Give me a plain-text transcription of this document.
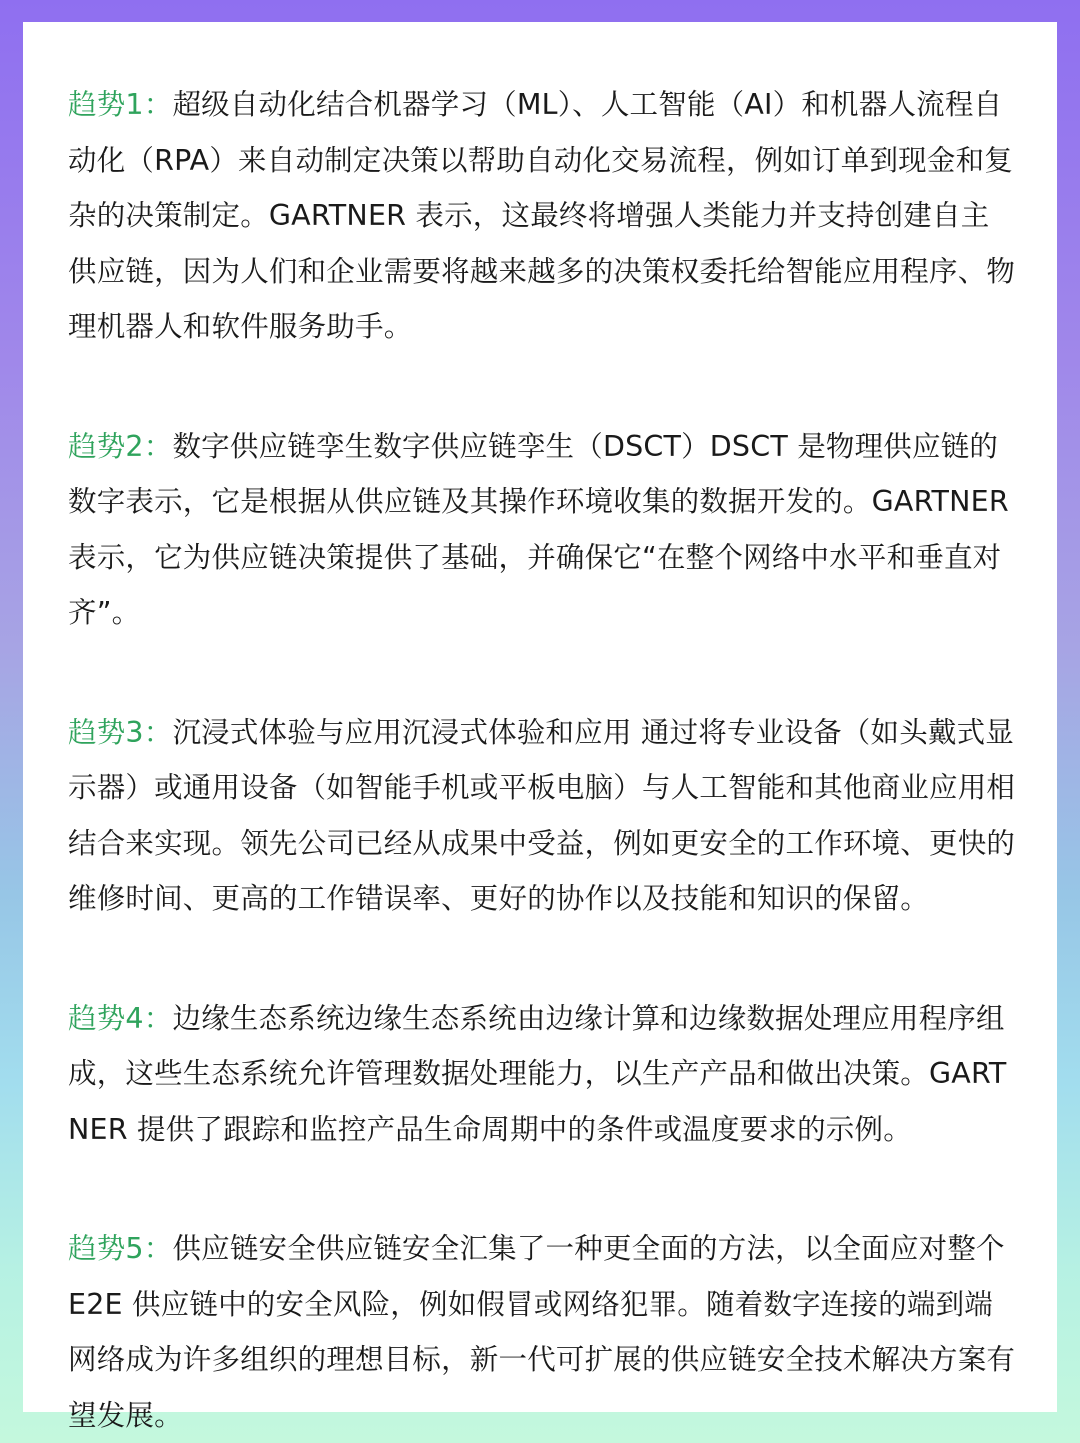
趋势1：超级自动化结合机器学习（ML）、人工智能（AI）和机器人流程自动化（RPA）来自动制定决策以帮助自动化交易流程，例如订单到现金和复杂的决策制定。GARTNER 表示，这最终将增强人类能力并支持创建自主供应链，因为人们和企业需要将越来越多的决策权委托给智能应用程序、物理机器人和软件服务助手。

趋势2：数字供应链孪生数字供应链孪生（DSCT）DSCT 是物理供应链的数字表示，它是根据从供应链及其操作环境收集的数据开发的。GARTNER 表示，它为供应链决策提供了基础，并确保它“在整个网络中水平和垂直对齐”。

趋势3：沉浸式体验与应用沉浸式体验和应用 通过将专业设备（如头戴式显示器）或通用设备（如智能手机或平板电脑）与人工智能和其他商业应用相结合来实现。领先公司已经从成果中受益，例如更安全的工作环境、更快的维修时间、更高的工作错误率、更好的协作以及技能和知识的保留。

趋势4：边缘生态系统边缘生态系统由边缘计算和边缘数据处理应用程序组成，这些生态系统允许管理数据处理能力，以生产产品和做出决策。GARTNER 提供了跟踪和监控产品生命周期中的条件或温度要求的示例。

趋势5：供应链安全供应链安全汇集了一种更全面的方法，以全面应对整个 E2E 供应链中的安全风险，例如假冒或网络犯罪。随着数字连接的端到端网络成为许多组织的理想目标，新一代可扩展的供应链安全技术解决方案有望发展。
